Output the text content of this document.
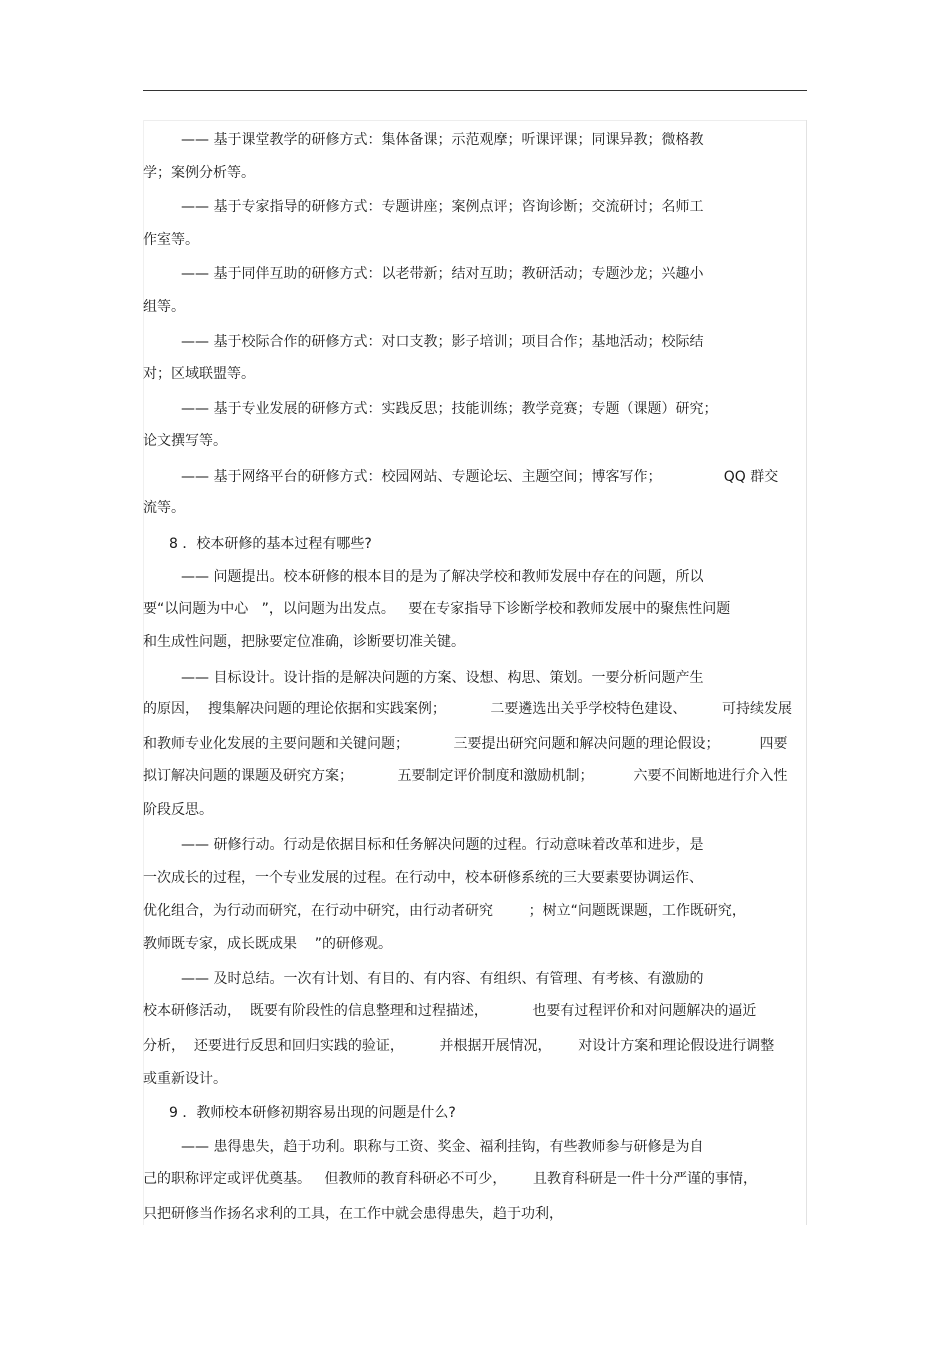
—— 基于课堂教学的研修方式：集体备课；示范观摩；听课评课；同课异教；微格教
学；案例分析等。
—— 基于专家指导的研修方式：专题讲座；案例点评；咨询诊断；交流研讨；名师工
作室等。
—— 基于同伴互助的研修方式：以老带新；结对互助；教研活动；专题沙龙；兴趣小
组等。
—— 基于校际合作的研修方式：对口支教；影子培训；项目合作；基地活动；校际结
对；区域联盟等。
—— 基于专业发展的研修方式：实践反思；技能训练；教学竞赛；专题（课题）研究；
论文撰写等。
—— 基于网络平台的研修方式：校园网站、专题论坛、主题空间；博客写作；              QQ 群交
流等。
8 ．校本研修的基本过程有哪些?
—— 问题提出。校本研修的根本目的是为了解决学校和教师发展中存在的问题，所以
要“以问题为中心   ”，以问题为出发点。   要在专家指导下诊断学校和教师发展中的聚焦性问题
和生成性问题，把脉要定位准确，诊断要切准关键。
—— 目标设计。设计指的是解决问题的方案、设想、构思、策划。一要分析问题产生
的原因，  搜集解决问题的理论依据和实践案例；          二要遴选出关乎学校特色建设、        可持续发展
和教师专业化发展的主要问题和关键问题；          三要提出研究问题和解决问题的理论假设；         四要
拟订解决问题的课题及研究方案；          五要制定评价制度和激励机制；         六要不间断地进行介入性
阶段反思。
—— 研修行动。行动是依据目标和任务解决问题的过程。行动意味着改革和进步，是
一次成长的过程，一个专业发展的过程。在行动中，校本研修系统的三大要素要协调运作、
优化组合，为行动而研究，在行动中研究，由行动者研究        ；树立“问题既课题，工作既研究，
教师既专家，成长既成果    ”的研修观。
—— 及时总结。一次有计划、有目的、有内容、有组织、有管理、有考核、有激励的
校本研修活动，  既要有阶段性的信息整理和过程描述，          也要有过程评价和对问题解决的逼近
分析，  还要进行反思和回归实践的验证，        并根据开展情况，      对设计方案和理论假设进行调整
或重新设计。
9 ．教师校本研修初期容易出现的问题是什么?
—— 患得患失，趋于功利。职称与工资、奖金、福利挂钩，有些教师参与研修是为自
己的职称评定或评优奠基。   但教师的教育科研必不可少，      且教育科研是一件十分严谨的事情，
只把研修当作扬名求利的工具，在工作中就会患得患失，趋于功利，
